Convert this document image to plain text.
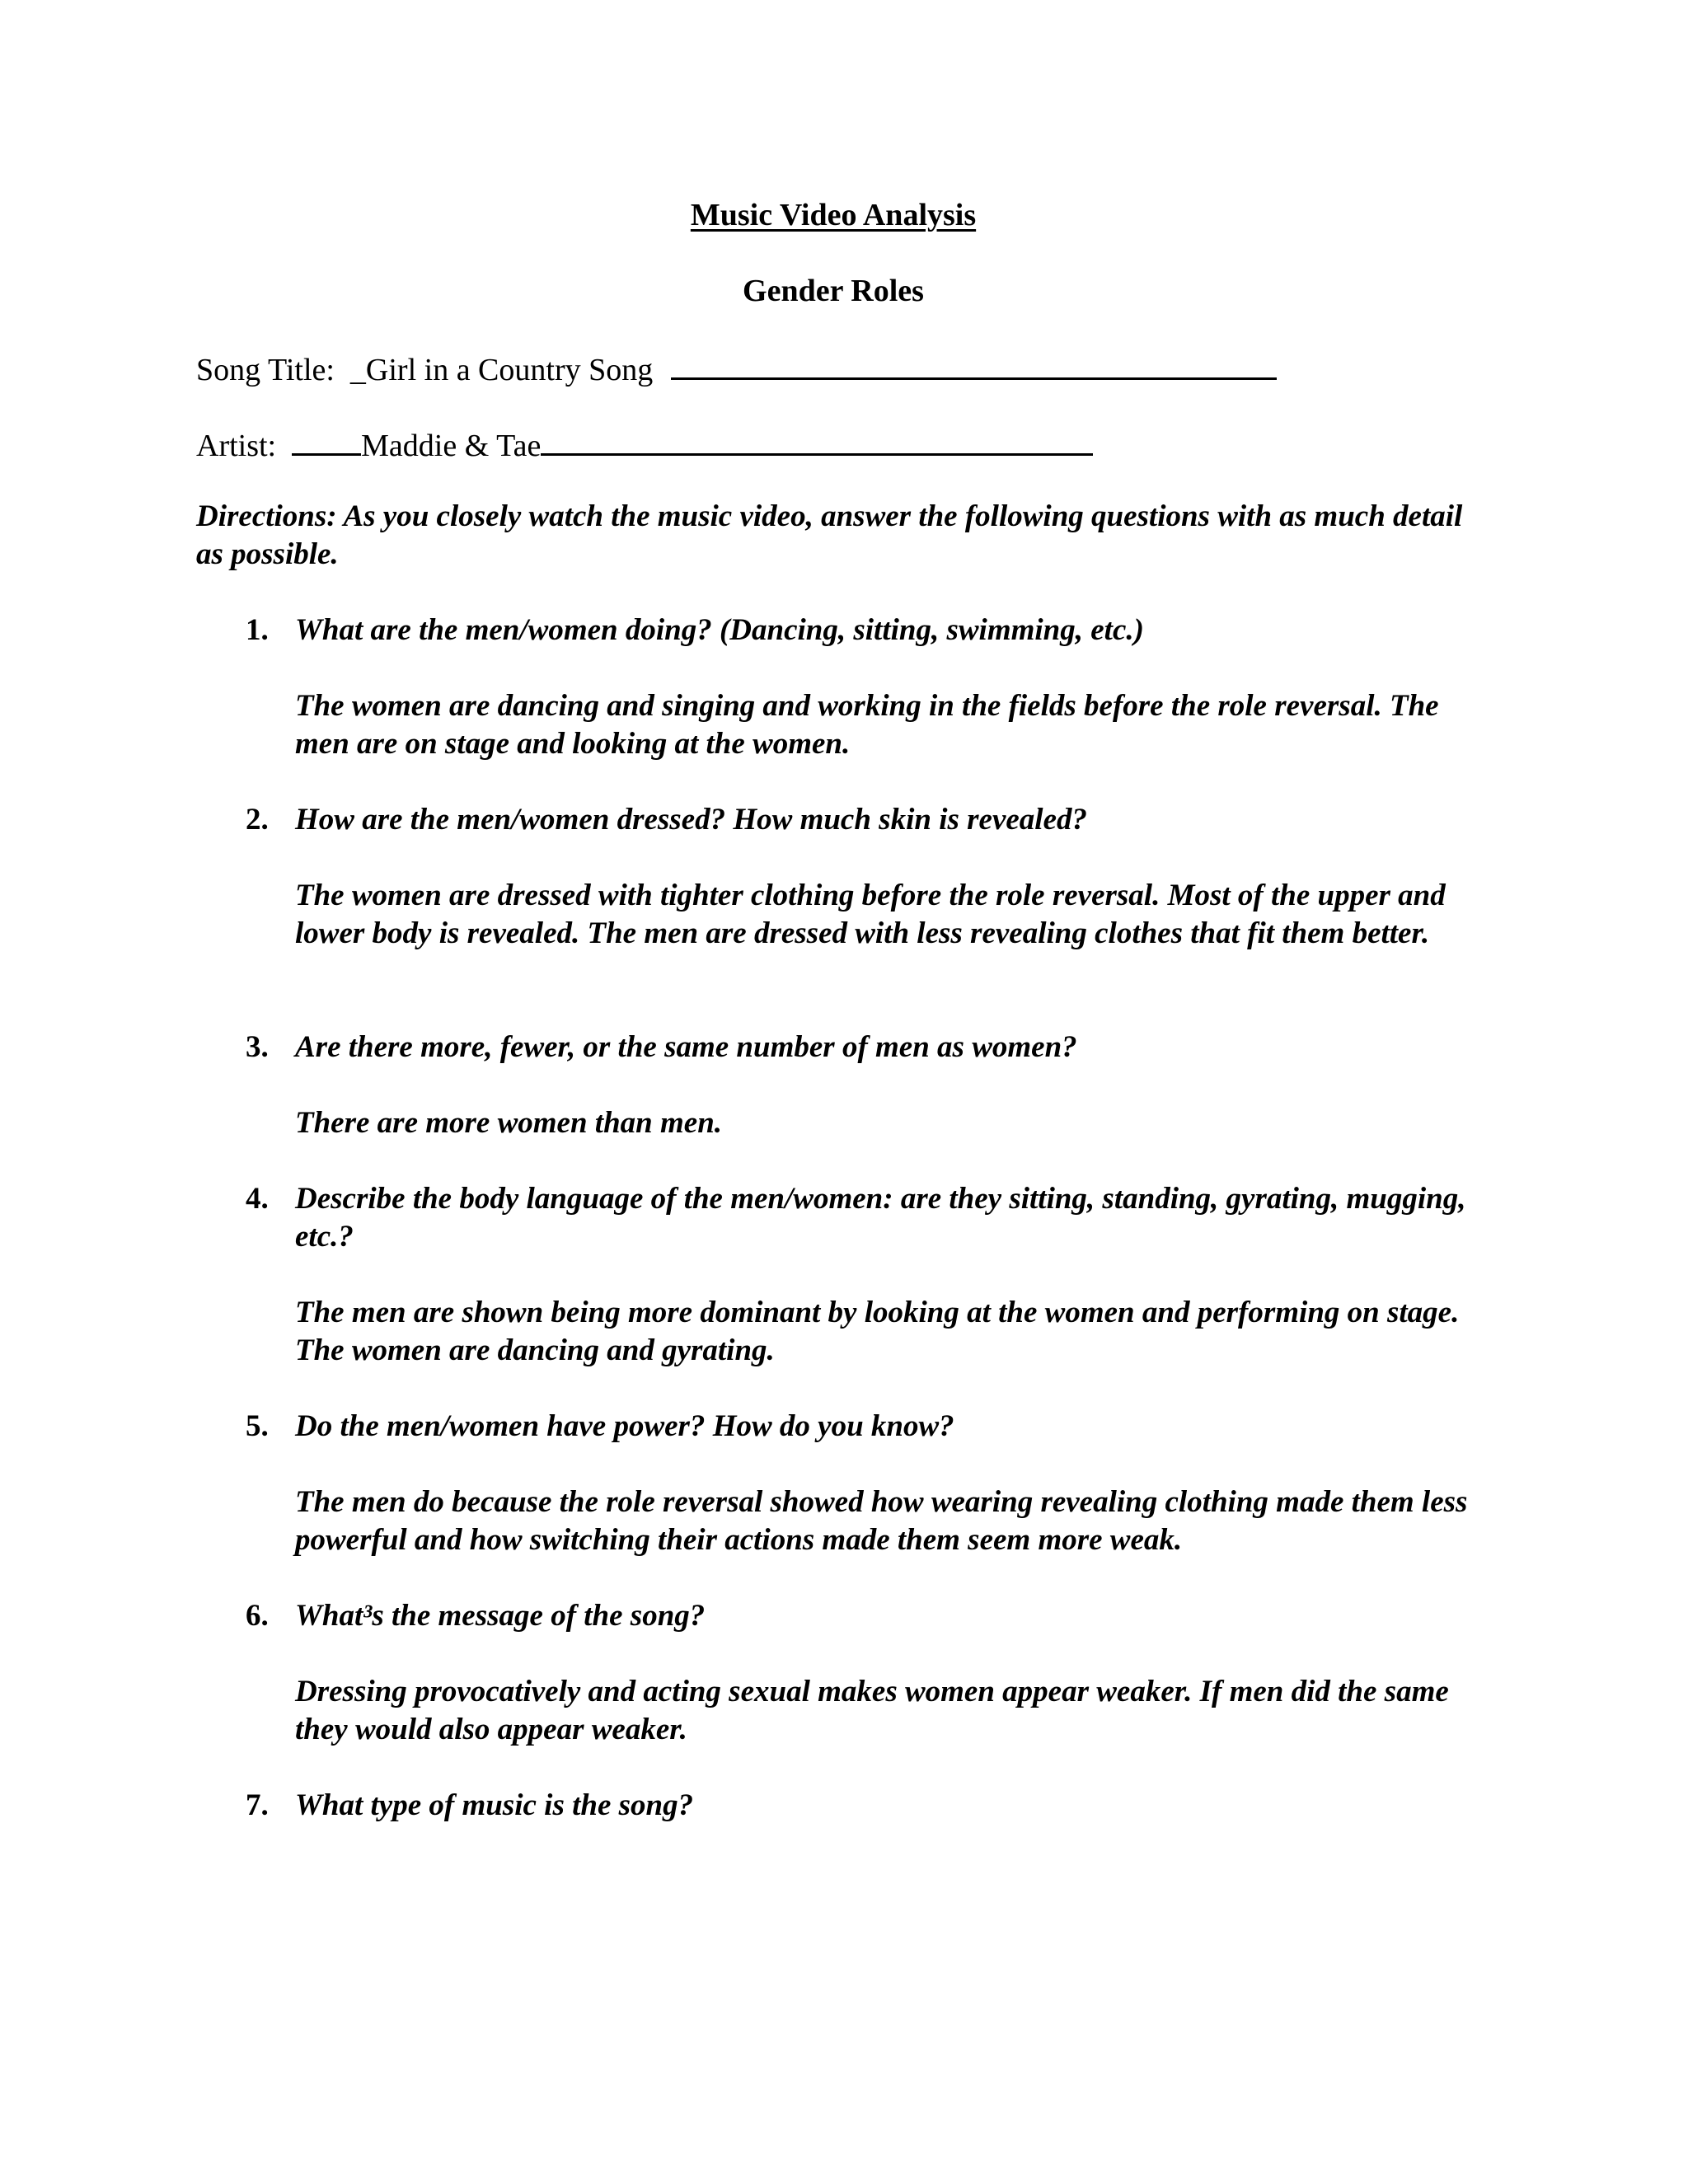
Music Video Analysis
Gender Roles
Song Title: _Girl in a Country Song
Artist:	Maddie & Tae
Directions: As you closely watch the music video, answer the following questions with as much detail as possible.
1. What are the men/women doing? (Dancing, sitting, swimming, etc.)
The women are dancing and singing and working in the fields before the role reversal. The men are on stage and looking at the women.
2. How are the men/women dressed? How much skin is revealed?
The women are dressed with tighter clothing before the role reversal. Most of the upper and lower body is revealed. The men are dressed with less revealing clothes that fit them better.
3. Are there more, fewer, or the same number of men as women?
There are more women than men.
4. Describe the body language of the men/women: are they sitting, standing, gyrating, mugging, etc.?
The men are shown being more dominant by looking at the women and performing on stage. The women are dancing and gyrating.
5. Do the men/women have power? How do you know?
The men do because the role reversal showed how wearing revealing clothing made them less powerful and how switching their actions made them seem more weak.
6. What³s the message of the song?
Dressing provocatively and acting sexual makes women appear weaker. If men did the same they would also appear weaker.
7. What type of music is the song?
